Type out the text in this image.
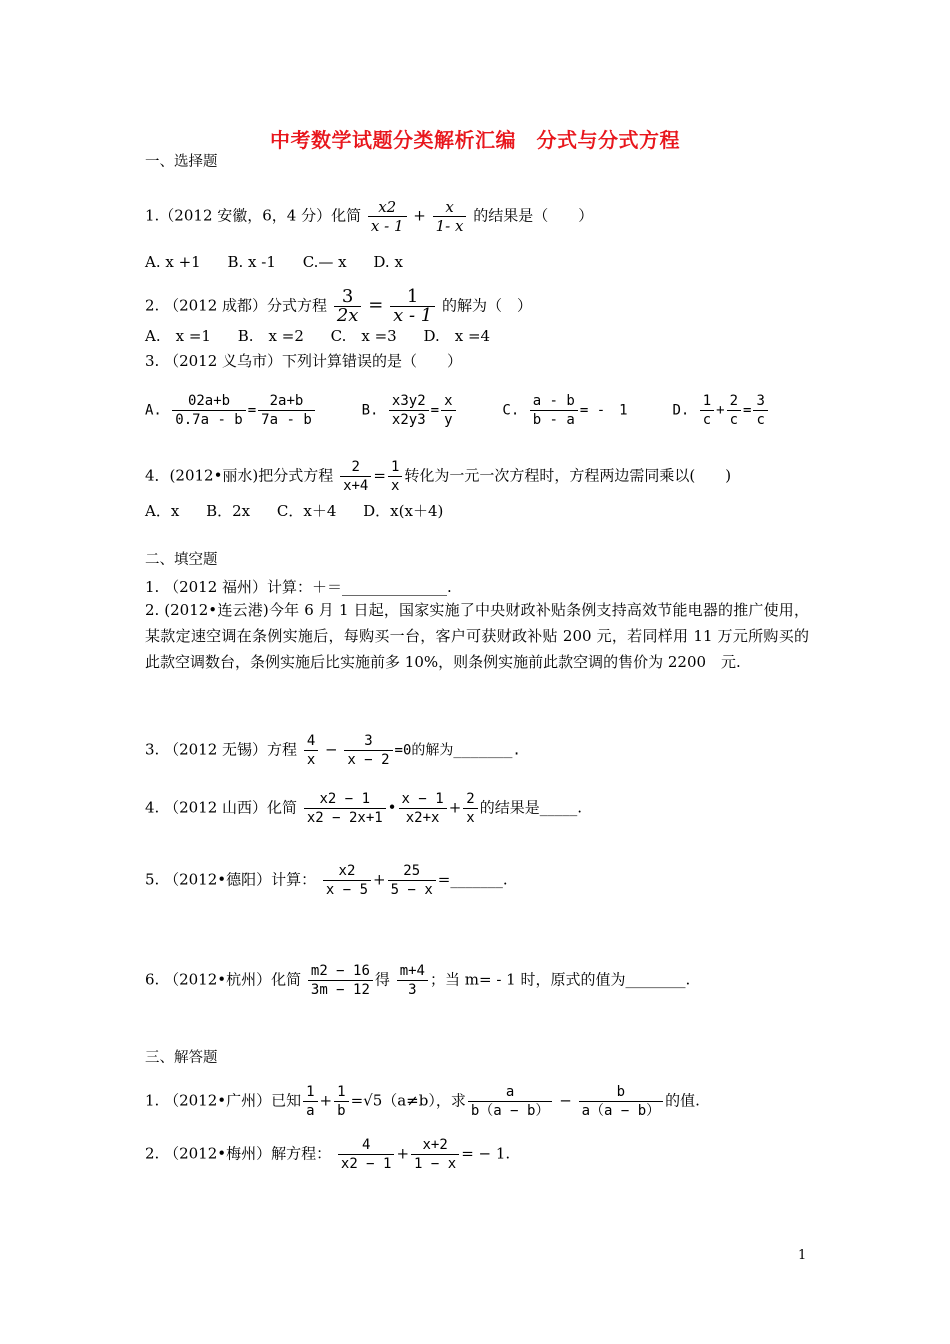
中考数学试题分类解析汇编　分式与分式方程
一、选择题
1.（2012 安徽，6，4 分）化简 $\frac{x2}{x - 1} + \frac{x}{1- x}$ 的结果是（　　）
A. x +1 B. x -1 C.— x D. x
2. （2012 成都）分式方程 $\frac{3}{2x} = \frac{1}{x - 1}$ 的解为（　）
A.　x =1 B.　x =2 C.　x =3 D.　x =4
3. （2012 义乌市）下列计算错误的是（　　）
A. $\frac{02a+b}{0.7a - b} = \frac{2a+b}{7a - b}$	B. $\frac{x3y2}{x2y3} = \frac{x}{y}$	C. $\frac{a - b}{b - a}$ = -　1	D. $\frac{1}{c} + \frac{2}{c} = \frac{3}{c}$
4．(2012•丽水)把分式方程 $\frac{2}{x+4} = \frac{1}{x}$ 转化为一元一次方程时，方程两边需同乘以(　　)
A．x B．2x C．x＋4 D．x(x＋4)
二、填空题
1. （2012 福州）计算：＋＝______________.
2. (2012•连云港)今年 6 月 1 日起，国家实施了中央财政补贴条例支持高效节能电器的推广使用，某款定速空调在条例实施后，每购买一台，客户可获财政补贴 200 元，若同样用 11 万元所购买的此款空调数台，条例实施后比实施前多 10%，则条例实施前此款空调的售价为 2200　元.
3. （2012 无锡）方程 $\frac{4}{x} - \frac{3}{x - 2} =0$的解为_______.
4. （2012 山西）化简 $\frac{x2 - 1}{x2 - 2x+1}$ • $\frac{x - 1}{x2+x} + \frac{2}{x}$ 的结果是_____.
5. （2012•德阳）计算： $\frac{x2}{x - 5} + \frac{25}{5 - x}$ =_______.
6. （2012•杭州）化简 $\frac{m2 - 16}{3m - 12}$ 得 $\frac{m+4}{3}$ ；当 m= - 1 时，原式的值为________.
三、解答题
1. （2012•广州）已知 $\frac{1}{a} + \frac{1}{b} =√5(a\ne b)$，求 $\frac{a}{b(a - b)} - \frac{b}{a(a - b)}$ 的值.
2. （2012•梅州）解方程： $\frac{4}{x2 - 1} + \frac{x+2}{1 - x}$ = − 1.
1
